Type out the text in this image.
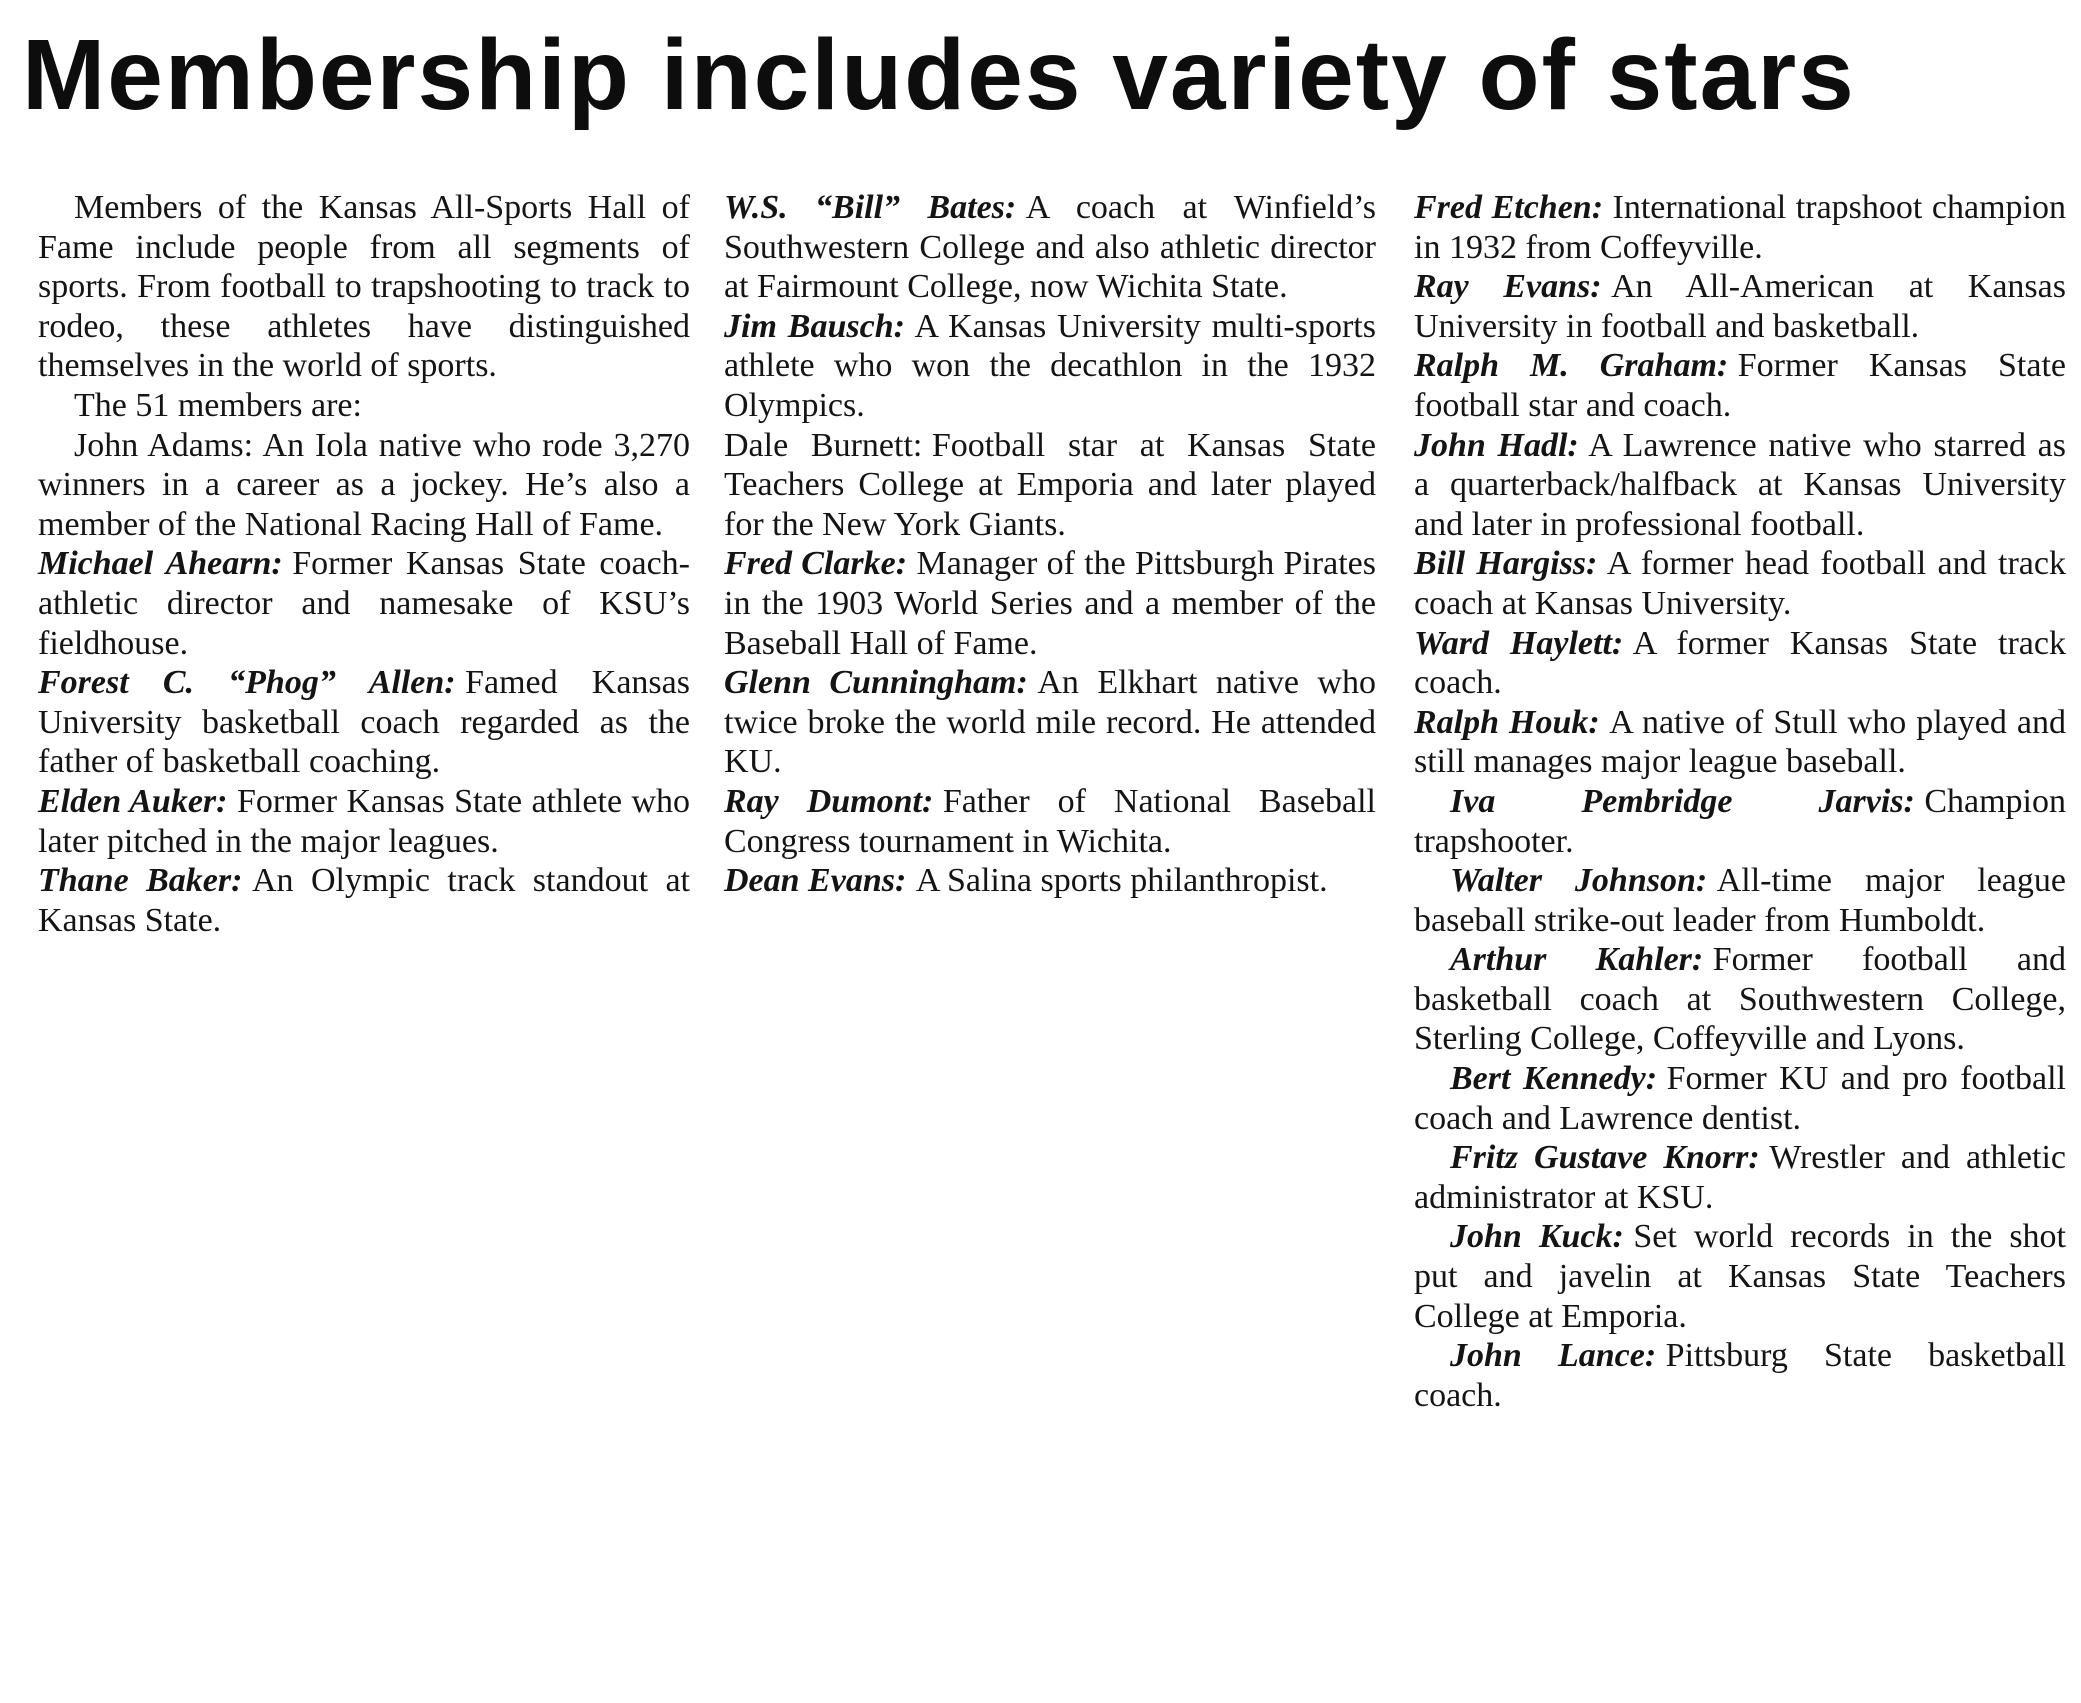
Membership includes variety of stars

Members of the Kansas All-Sports Hall of Fame include people from all segments of sports. From football to trapshooting to track to rodeo, these athletes have distinguished themselves in the world of sports.

The 51 members are:

John Adams: An Iola native who rode 3,270 winners in a career as a jockey. He’s also a member of the National Racing Hall of Fame.

Michael Ahearn: Former Kansas State coach-athletic director and namesake of KSU’s fieldhouse.

Forest C. “Phog” Allen: Famed Kansas University basketball coach regarded as the father of basketball coaching.

Elden Auker: Former Kansas State athlete who later pitched in the major leagues.

Thane Baker: An Olympic track standout at Kansas State.

W.S. “Bill” Bates: A coach at Winfield’s Southwestern College and also athletic director at Fairmount College, now Wichita State.

Jim Bausch: A Kansas University multi-sports athlete who won the decathlon in the 1932 Olympics.

Dale Burnett: Football star at Kansas State Teachers College at Emporia and later played for the New York Giants.

Fred Clarke: Manager of the Pittsburgh Pirates in the 1903 World Series and a member of the Baseball Hall of Fame.

Glenn Cunningham: An Elkhart native who twice broke the world mile record. He attended KU.

Ray Dumont: Father of National Baseball Congress tournament in Wichita.

Dean Evans: A Salina sports philanthropist.

Fred Etchen: International trapshoot champion in 1932 from Coffeyville.

Ray Evans: An All-American at Kansas University in football and basketball.

Ralph M. Graham: Former Kansas State football star and coach.

John Hadl: A Lawrence native who starred as a quarterback/halfback at Kansas University and later in professional football.

Bill Hargiss: A former head football and track coach at Kansas University.

Ward Haylett: A former Kansas State track coach.

Ralph Houk: A native of Stull who played and still manages major league baseball.

Iva Pembridge Jarvis: Champion trapshooter.

Walter Johnson: All-time major league baseball strike-out leader from Humboldt.

Arthur Kahler: Former football and basketball coach at Southwestern College, Sterling College, Coffeyville and Lyons.

Bert Kennedy: Former KU and pro football coach and Lawrence dentist.

Fritz Gustave Knorr: Wrestler and athletic administrator at KSU.

John Kuck: Set world records in the shot put and javelin at Kansas State Teachers College at Emporia.

John Lance: Pittsburg State basketball coach.
